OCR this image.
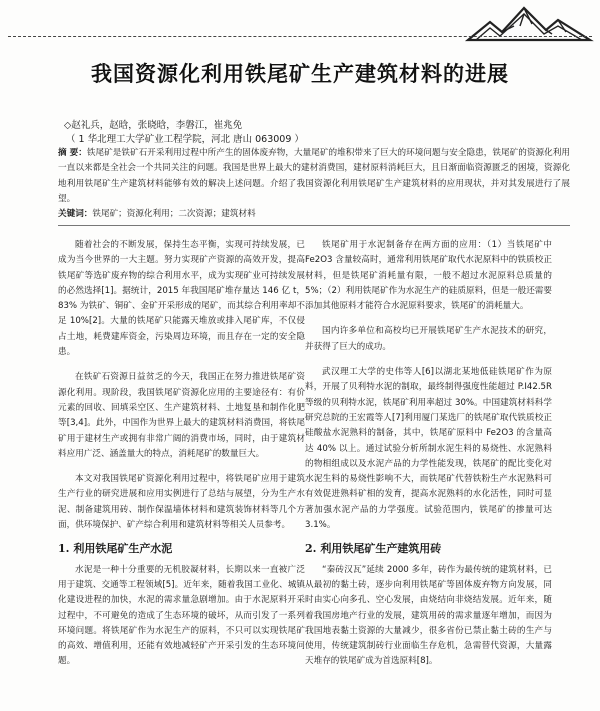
我国资源化利用铁尾矿生产建筑材料的进展
◇赵礼兵，赵晗，张晓晗，李磐江，崔兆免
（ 1 华北理工大学矿业工程学院，河北 唐山 063009 ）
摘 要：铁尾矿是铁矿石开采利用过程中所产生的固体废弃物，大量尾矿的堆积带来了巨大的环境问题与安全隐患，铁尾矿的资源化利用一直以来都是全社会一个共同关注的问题。我国是世界上最大的建材消费国，建材原料消耗巨大，且日渐面临资源匮乏的困境，资源化地利用铁尾矿生产建筑材料能够有效的解决上述问题。介绍了我国资源化利用铁尾矿生产建筑材料的应用现状，并对其发展进行了展望。
关键词：铁尾矿；资源化利用；二次资源；建筑材料

随着社会的不断发展，保持生态平衡，实现可持续发展，已成为当今世界的一大主题。努力实现矿产资源的高效开发，提高铁尾矿等选矿废弃物的综合利用水平，成为实现矿业可持续发展的必然选择[1]。据统计，2015 年我国尾矿堆存量达 146 亿 t，83% 为铁矿、铜矿、金矿开采形成的尾矿，而其综合利用率却不足 10%[2]。大量的铁尾矿只能露天堆放或排入尾矿库，不仅侵占土地，耗费建库资金，污染周边环境，而且存在一定的安全隐患。

在铁矿石资源日益贫乏的今天，我国正在努力推进铁尾矿资源化利用。现阶段，我国铁尾矿资源化应用的主要途径有：有价元素的回收、回填采空区、生产建筑材料、土地复垦和制作化肥等[3,4]。此外，中国作为世界上最大的建筑材料消费国，将铁尾矿用于建材生产或拥有非常广阔的消费市场，同时，由于建筑材料应用广泛、涵盖量大的特点，消耗尾矿的数量巨大。

本文对我国铁尾矿资源化利用过程中，将铁尾矿应用于建筑生产行业的研究进展和应用实例进行了总结与展望，分为生产水泥、制备建筑用砖、制作保温墙体材料和建筑装饰材料等几个方面，供环境保护、矿产综合利用和建筑材料等相关人员参考。

1. 利用铁尾矿生产水泥

水泥是一种十分重要的无机胶凝材料，长期以来一直被广泛用于建筑、交通等工程领域[5]。近年来，随着我国工业化、城镇化建设进程的加快，水泥的需求量急剧增加。由于水泥原料开采过程中，不可避免的造成了生态环境的破坏，从而引发了一系列环境问题。将铁尾矿作为水泥生产的原料，不只可以实现铁尾矿的高效、增值利用，还能有效地减轻矿产开采引发的生态环境问题。

铁尾矿用于水泥制备存在两方面的应用：（1）当铁尾矿中 Fe2O3 含量较高时，通常利用铁尾矿取代水泥原料中的铁质校正材料，但是铁尾矿消耗量有限，一般不超过水泥原料总质量的 5%；（2）利用铁尾矿作为水泥生产的硅质原料，但是一般还需要添加其他原料才能符合水泥原料要求，铁尾矿的消耗量大。

国内许多单位和高校均已开展铁尾矿生产水泥技术的研究，并获得了巨大的成功。

武汉理工大学的史伟等人[6]以湖北某地低硅铁尾矿作为原料，开展了贝利特水泥的制取，最终制得强度性能超过 P.I42.5R 等级的贝利特水泥，铁尾矿利用率超过 30%。中国建筑材料科学研究总院的王宏霞等人[7]利用厦门某选厂的铁尾矿取代铁质校正硅酸盐水泥熟料的制备，其中，铁尾矿原料中 Fe2O3 的含量高达 40% 以上。通过试验分析所制水泥生料的易烧性、水泥熟料的物相组成以及水泥产品的力学性能发现，铁尾矿的配比变化对水泥生料的易烧性影响不大，而铁尾矿代替铁粉生产水泥熟料可有效促进熟料矿相的发育，提高水泥熟料的水化活性，同时可显著加强水泥产品的力学强度。试验范围内，铁尾矿的掺量可达 3.1%。

2. 利用铁尾矿生产建筑用砖

“秦砖汉瓦”延续 2000 多年，砖作为最传统的建筑材料，已从最初的黏土砖，逐步向利用铁尾矿等固体废弃物方向发展，同时由实心向多孔、空心发展，由烧结向非烧结发展。近年来，随着我国房地产行业的发展，建筑用砖的需求量逐年增加，而因为我国地表黏土资源的大量减少，很多省份已禁止黏土砖的生产与使用，传统建筑制砖行业面临生存危机，急需替代资源，大量露天堆存的铁尾矿成为首选原料[8]。
